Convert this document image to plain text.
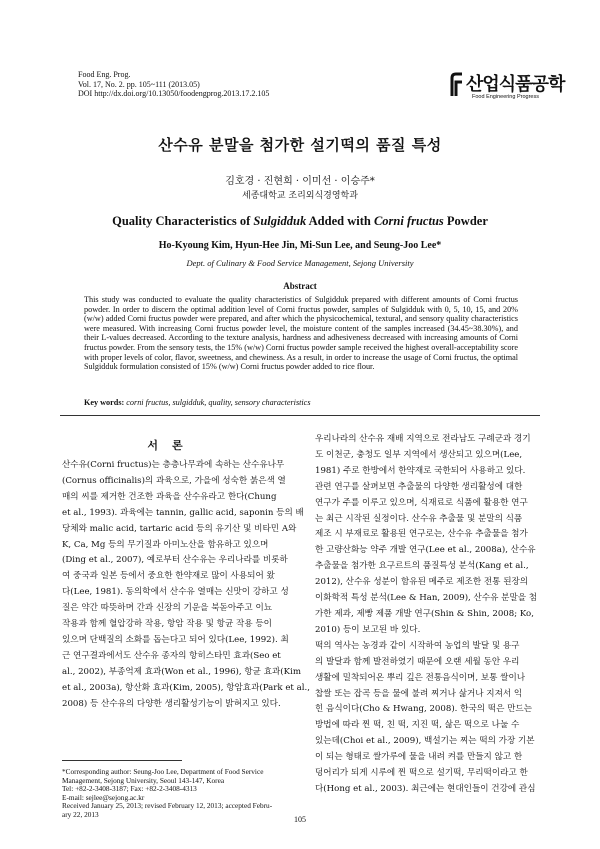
Food Eng. Prog.
Vol. 17, No. 2. pp. 105~111 (2013.05)
DOI http://dx.doi.org/10.13050/foodengprog.2013.17.2.105	산업식품공학
Food Engineering Progress
산수유 분말을 첨가한 설기떡의 품질 특성
김호경 · 진현희 · 이미선 · 이승주*
세종대학교 조리외식경영학과
Quality Characteristics of Sulgidduk Added with Corni fructus Powder
Ho-Kyoung Kim, Hyun-Hee Jin, Mi-Sun Lee, and Seung-Joo Lee*
Dept. of Culinary & Food Service Management, Sejong University
Abstract
This study was conducted to evaluate the quality characteristics of Sulgidduk prepared with different amounts of Corni fructus powder. In order to discern the optimal addition level of Corni fructus powder, samples of Sulgidduk with 0, 5, 10, 15, and 20% (w/w) added Corni fructus powder were prepared, and after which the physicochemical, textural, and sensory quality characteristics were measured. With increasing Corni fructus powder level, the moisture content of the samples increased (34.45~38.30%), and their L-values decreased. According to the texture analysis, hardness and adhesiveness decreased with increasing amounts of Corni fructus powder. From the sensory tests, the 15% (w/w) Corni fructus powder sample received the highest overall-acceptability score with proper levels of color, flavor, sweetness, and chewiness. As a result, in order to increase the usage of Corni fructus, the optimal Sulgidduk formulation consisted of 15% (w/w) Corni fructus powder added to rice flour.
Key words: corni fructus, sulgidduk, quality, sensory characteristics
서론
산수유(Corni fructus)는 층층나무과에 속하는 산수유나무
(Cornus officinalis)의 과육으로, 가을에 성숙한 붉은색 열
매의 씨를 제거한 건조한 과육을 산수유라고 한다(Chung
et al., 1993). 과육에는 tannin, gallic acid, saponin 등의 배
당체와 malic acid, tartaric acid 등의 유기산 및 비타민 A와
K, Ca, Mg 등의 무기질과 아미노산을 함유하고 있으며
(Ding et al., 2007), 예로부터 산수유는 우리나라를 비롯하
여 중국과 일본 등에서 중요한 한약재로 많이 사용되어 왔
다(Lee, 1981). 동의학에서 산수유 열매는 신맛이 강하고 성
질은 약간 따뜻하며 간과 신장의 기운을 북돋아주고 이뇨
작용과 함께 혈압강하 작용, 항암 작용 및 항균 작용 등이
있으며 단백질의 소화를 돕는다고 되어 있다(Lee, 1992). 최
근 연구결과에서도 산수유 종자의 항히스타민 효과(Seo et
al., 2002), 부종억제 효과(Won et al., 1996), 항균 효과(Kim
et al., 2003a), 항산화 효과(Kim, 2005), 항암효과(Park et al.,
2008) 등 산수유의 다양한 생리활성기능이 밝혀지고 있다.
우리나라의 산수유 재배 지역으로 전라남도 구례군과 경기
도 이천군, 충청도 일부 지역에서 생산되고 있으며(Lee,
1981) 주로 한방에서 한약재로 국한되어 사용하고 있다.
관련 연구를 살펴보면 추출물의 다양한 생리활성에 대한
연구가 주를 이루고 있으며, 식재료로 식품에 활용한 연구
는 최근 시작된 실정이다. 산수유 추출물 및 분말의 식품
제조 시 부재료로 활용된 연구로는, 산수유 추출물을 첨가
한 고량산화능 약주 개발 연구(Lee et al., 2008a), 산수유
추출물을 첨가한 요구르트의 품질특성 분석(Kang et al.,
2012), 산수유 성분이 함유된 메주로 제조한 전통 된장의
이화학적 특성 분석(Lee & Han, 2009), 산수유 분말을 첨
가한 제과, 제빵 제품 개발 연구(Shin & Shin, 2008; Ko,
2010) 등이 보고된 바 있다.
떡의 역사는 농경과 같이 시작하여 농업의 발달 및 용구
의 발달과 함께 발전하였기 때문에 오랜 세월 동안 우리
생활에 밀착되어온 뿌리 깊은 전통음식이며, 보통 쌀이나
찹쌀 또는 잡곡 등을 물에 불려 찌거나 삶거나 지져서 익
힌 음식이다(Cho & Hwang, 2008). 한국의 떡은 만드는
방법에 따라 찐 떡, 친 떡, 지진 떡, 삶은 떡으로 나눌 수
있는데(Choi et al., 2009), 백설기는 찌는 떡의 가장 기본
이 되는 형태로 쌀가루에 물을 내려 켜를 만들지 않고 한
덩어리가 되게 시루에 찐 떡으로 설기떡, 무리떡이라고 한
다(Hong et al., 2003). 최근에는 현대인들이 건강에 관심
*Corresponding author: Seung-Joo Lee, Department of Food Service
Management, Sejong University, Seoul 143-147, Korea
Tel: +82-2-3408-3187; Fax: +82-2-3408-4313
E-mail: sejlee@sejong.ac.kr
Received January 25, 2013; revised February 12, 2013; accepted Febru-
ary 22, 2013
105
